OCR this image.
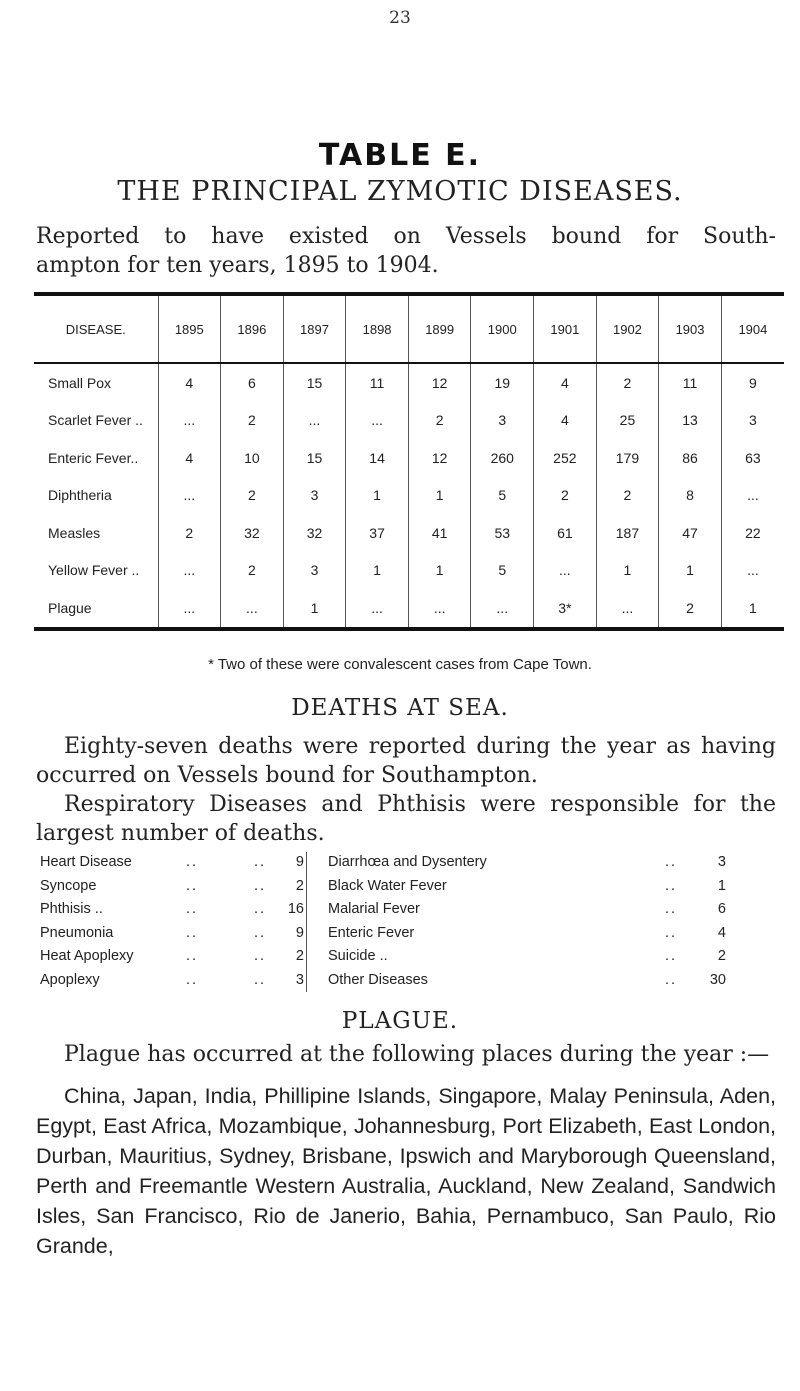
23
TABLE E.
THE PRINCIPAL ZYMOTIC DISEASES.
Reported to have existed on Vessels bound for South-
ampton for ten years, 1895 to 1904.
DISEASE.	1895	1896	1897	1898	1899	1900	1901	1902	1903	1904
Small Pox	4	6	15	11	12	19	4	2	11	9
Scarlet Fever ..	...	2	...	...	2	3	4	25	13	3
Enteric Fever..	4	10	15	14	12	260	252	179	86	63
Diphtheria	...	2	3	1	1	5	2	2	8	...
Measles	2	32	32	37	41	53	61	187	47	22
Yellow Fever ..	...	2	3	1	1	5	...	1	1	...
Plague	...	...	1	...	...	...	3*	...	2	1
* Two of these were convalescent cases from Cape Town.
DEATHS AT SEA.
Eighty-seven deaths were reported during the year as having occurred on Vessels bound for Southampton.
Respiratory Diseases and Phthisis were responsible for the largest number of deaths.
Heart Disease	..	..	9 Diarrhœa and Dysentery	..	3
Syncope	..	..	2 Black Water Fever	..	1
Phthisis ..	..	..	16 Malarial Fever	..	6
Pneumonia	..	..	9 Enteric Fever	..	4
Heat Apoplexy	..	..	2 Suicide ..	..	2
Apoplexy	..	..	3 Other Diseases	..	30
PLAGUE.
Plague has occurred at the following places during the year :—
China, Japan, India, Phillipine Islands, Singapore, Malay Peninsula, Aden, Egypt, East Africa, Mozambique, Johannesburg, Port Elizabeth, East London, Durban, Mauritius, Sydney, Brisbane, Ipswich and Maryborough Queensland, Perth and Freemantle Western Australia, Auckland, New Zealand, Sandwich Isles, San Francisco, Rio de Janerio, Bahia, Pernambuco, San Paulo, Rio Grande,
